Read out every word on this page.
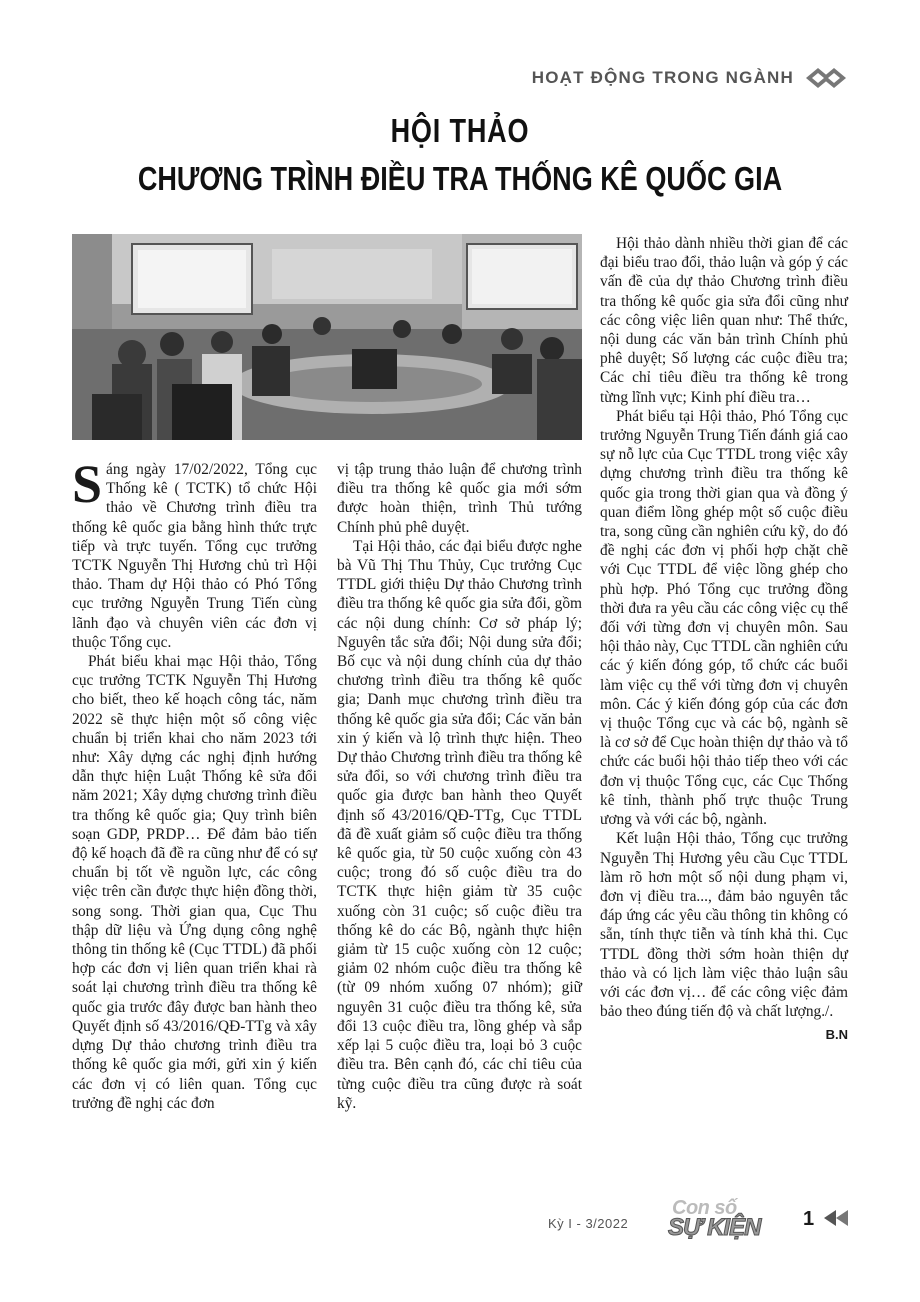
HOẠT ĐỘNG TRONG NGÀNH
HỘI THẢO
CHƯƠNG TRÌNH ĐIỀU TRA THỐNG KÊ QUỐC GIA
S áng ngày 17/02/2022, Tổng cục Thống kê ( TCTK) tổ chức Hội thảo về Chương trình điều tra thống kê quốc gia bằng hình thức trực tiếp và trực tuyến. Tổng cục trưởng TCTK Nguyễn Thị Hương chủ trì Hội thảo. Tham dự Hội thảo có Phó Tổng cục trưởng Nguyễn Trung Tiến cùng lãnh đạo và chuyên viên các đơn vị thuộc Tổng cục.

Phát biểu khai mạc Hội thảo, Tổng cục trưởng TCTK Nguyễn Thị Hương cho biết, theo kế hoạch công tác, năm 2022 sẽ thực hiện một số công việc chuẩn bị triển khai cho năm 2023 tới như: Xây dựng các nghị định hướng dẫn thực hiện Luật Thống kê sửa đổi năm 2021; Xây dựng chương trình điều tra thống kê quốc gia; Quy trình biên soạn GDP, PRDP… Để đảm bảo tiến độ kế hoạch đã đề ra cũng như để có sự chuẩn bị tốt về nguồn lực, các công việc trên cần được thực hiện đồng thời, song song. Thời gian qua, Cục Thu thập dữ liệu và Ứng dụng công nghệ thông tin thống kê (Cục TTDL) đã phối hợp các đơn vị liên quan triển khai rà soát lại chương trình điều tra thống kê quốc gia trước đây được ban hành theo Quyết định số 43/2016/QĐ-TTg và xây dựng Dự thảo chương trình điều tra thống kê quốc gia mới, gửi xin ý kiến các đơn vị có liên quan. Tổng cục trưởng đề nghị các đơn

vị tập trung thảo luận để chương trình điều tra thống kê quốc gia mới sớm được hoàn thiện, trình Thủ tướng Chính phủ phê duyệt.

Tại Hội thảo, các đại biểu được nghe bà Vũ Thị Thu Thủy, Cục trưởng Cục TTDL giới thiệu Dự thảo Chương trình điều tra thống kê quốc gia sửa đổi, gồm các nội dung chính: Cơ sở pháp lý; Nguyên tắc sửa đổi; Nội dung sửa đổi; Bố cục và nội dung chính của dự thảo chương trình điều tra thống kê quốc gia; Danh mục chương trình điều tra thống kê quốc gia sửa đổi; Các văn bản xin ý kiến và lộ trình thực hiện. Theo Dự thảo Chương trình điều tra thống kê sửa đổi, so với chương trình điều tra quốc gia được ban hành theo Quyết định số 43/2016/QĐ-TTg, Cục TTDL đã đề xuất giảm số cuộc điều tra thống kê quốc gia, từ 50 cuộc xuống còn 43 cuộc; trong đó số cuộc điều tra do TCTK thực hiện giảm từ 35 cuộc xuống còn 31 cuộc; số cuộc điều tra thống kê do các Bộ, ngành thực hiện giảm từ 15 cuộc xuống còn 12 cuộc; giảm 02 nhóm cuộc điều tra thống kê (từ 09 nhóm xuống 07 nhóm); giữ nguyên 31 cuộc điều tra thống kê, sửa đổi 13 cuộc điều tra, lồng ghép và sắp xếp lại 5 cuộc điều tra, loại bỏ 3 cuộc điều tra. Bên cạnh đó, các chỉ tiêu của từng cuộc điều tra cũng được rà soát kỹ.

Hội thảo dành nhiều thời gian để các đại biểu trao đổi, thảo luận và góp ý các vấn đề của dự thảo Chương trình điều tra thống kê quốc gia sửa đổi cũng như các công việc liên quan như: Thể thức, nội dung các văn bản trình Chính phủ phê duyệt; Số lượng các cuộc điều tra; Các chỉ tiêu điều tra thống kê trong từng lĩnh vực; Kinh phí điều tra…

Phát biểu tại Hội thảo, Phó Tổng cục trưởng Nguyễn Trung Tiến đánh giá cao sự nỗ lực của Cục TTDL trong việc xây dựng chương trình điều tra thống kê quốc gia trong thời gian qua và đồng ý quan điểm lồng ghép một số cuộc điều tra, song cũng cần nghiên cứu kỹ, do đó đề nghị các đơn vị phối hợp chặt chẽ với Cục TTDL để việc lồng ghép cho phù hợp. Phó Tổng cục trưởng đồng thời đưa ra yêu cầu các công việc cụ thể đối với từng đơn vị chuyên môn. Sau hội thảo này, Cục TTDL cần nghiên cứu các ý kiến đóng góp, tổ chức các buổi làm việc cụ thể với từng đơn vị chuyên môn. Các ý kiến đóng góp của các đơn vị thuộc Tổng cục và các bộ, ngành sẽ là cơ sở để Cục hoàn thiện dự thảo và tổ chức các buổi hội thảo tiếp theo với các đơn vị thuộc Tổng cục, các Cục Thống kê tỉnh, thành phố trực thuộc Trung ương và với các bộ, ngành.

Kết luận Hội thảo, Tổng cục trưởng Nguyễn Thị Hương yêu cầu Cục TTDL làm rõ hơn một số nội dung phạm vi, đơn vị điều tra..., đảm bảo nguyên tắc đáp ứng các yêu cầu thông tin không có sẵn, tính thực tiễn và tính khả thi. Cục TTDL đồng thời sớm hoàn thiện dự thảo và có lịch làm việc thảo luận sâu với các đơn vị… để các công việc đảm bảo theo đúng tiến độ và chất lượng./.

B.N
Kỳ I - 3/2022
Con số
SỰ KIỆN 1
